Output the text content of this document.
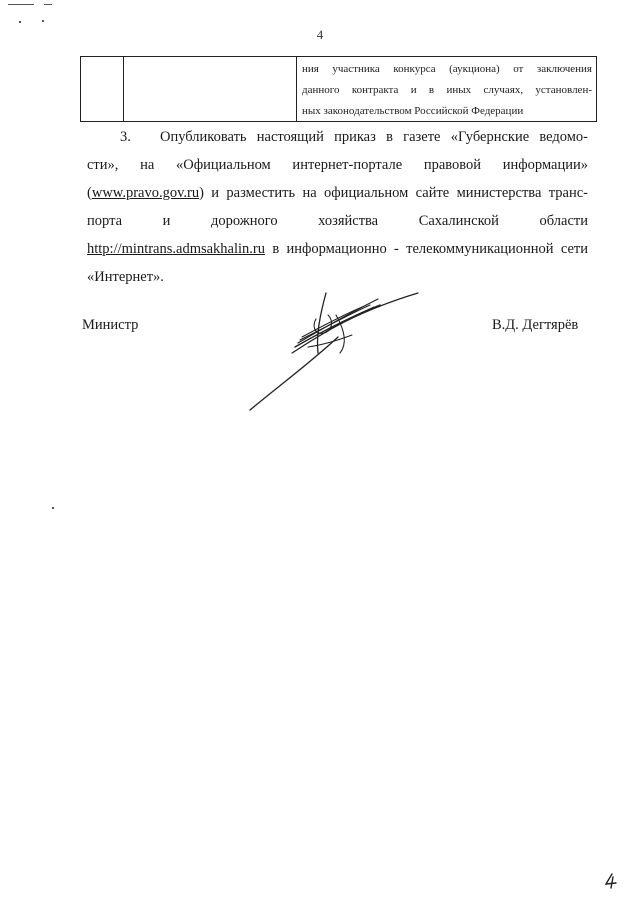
4
ния участника конкурса (аукциона) от заключения
данного контракта и в иных случаях, установлен-
ных законодательством Российской Федерации
3. Опубликовать настоящий приказ в газете «Губернские ведомо-
сти», на «Официальном интернет-портале правовой информации»
(www.pravo.gov.ru) и разместить на официальном сайте министерства транс-
порта и дорожного хозяйства Сахалинской области
http://mintrans.admsakhalin.ru в информационно - телекоммуникационной сети
«Интернет».
Министр	В.Д. Дегтярёв
